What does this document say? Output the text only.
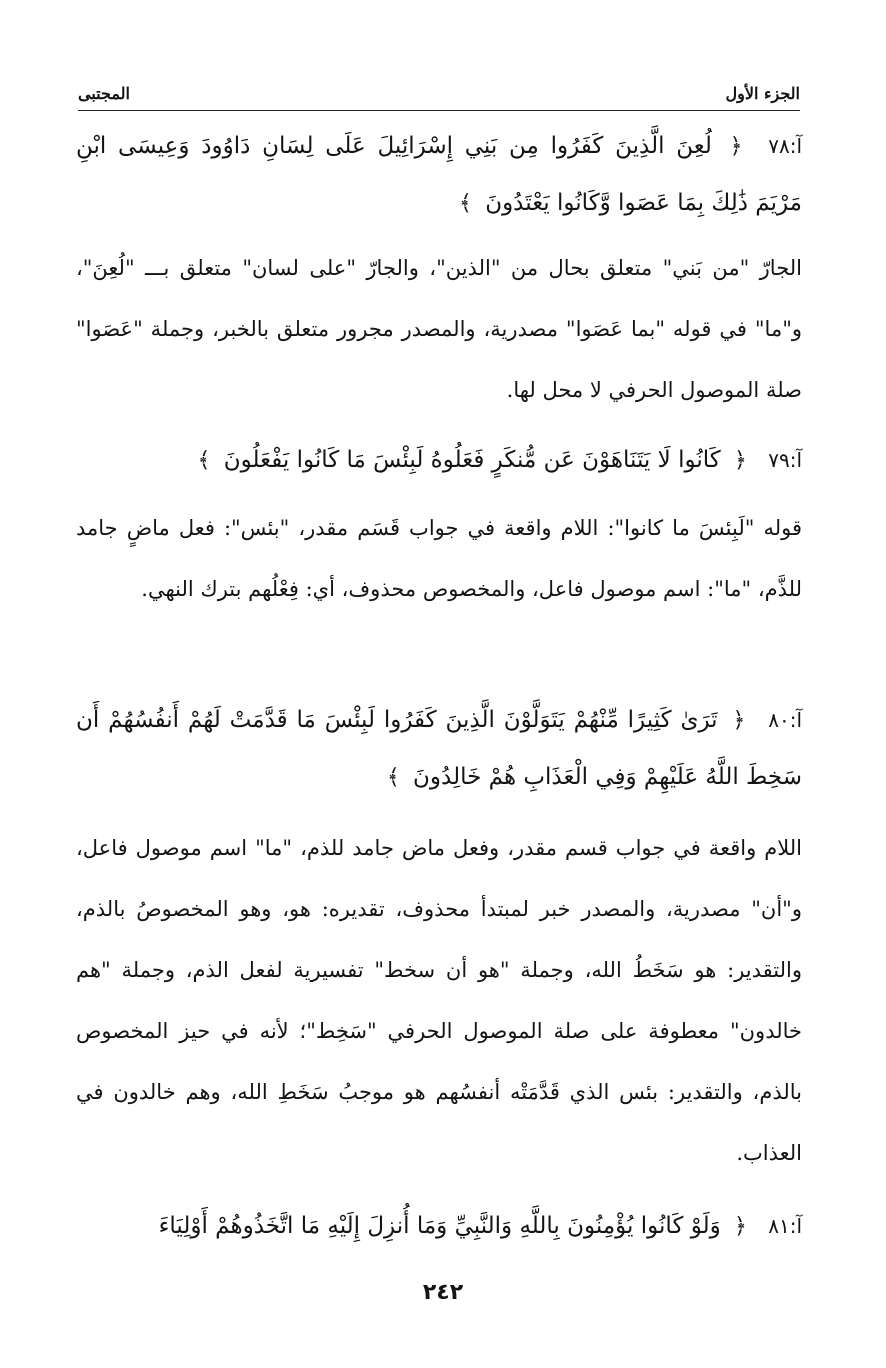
الجزء الأول
المجتبى

آ:٧٨ ﴿ لُعِنَ الَّذِينَ كَفَرُوا مِن بَنِي إِسْرَائِيلَ عَلَى لِسَانِ دَاوُودَ وَعِيسَى ابْنِ مَرْيَمَ ذَٰلِكَ بِمَا عَصَوا وَّكَانُوا يَعْتَدُونَ ﴾

الجارّ "من بَني" متعلق بحال من "الذين"، والجارّ "على لسان" متعلق بـــ "لُعِنَ"، و"ما" في قوله "بما عَصَوا" مصدرية، والمصدر مجرور متعلق بالخبر، وجملة "عَصَوا" صلة الموصول الحرفي لا محل لها.

آ:٧٩ ﴿ كَانُوا لَا يَتَنَاهَوْنَ عَن مُّنكَرٍ فَعَلُوهُ لَبِئْسَ مَا كَانُوا يَفْعَلُونَ ﴾

قوله "لَبِئسَ ما كانوا": اللام واقعة في جواب قَسَم مقدر، "بئس": فعل ماضٍ جامد للذَّم، "ما": اسم موصول فاعل، والمخصوص محذوف، أي: فِعْلُهم بترك النهي.

آ:٨٠ ﴿ تَرَىٰ كَثِيرًا مِّنْهُمْ يَتَوَلَّوْنَ الَّذِينَ كَفَرُوا لَبِئْسَ مَا قَدَّمَتْ لَهُمْ أَنفُسُهُمْ أَن سَخِطَ اللَّهُ عَلَيْهِمْ وَفِي الْعَذَابِ هُمْ خَالِدُونَ ﴾

اللام واقعة في جواب قسم مقدر، وفعل ماض جامد للذم، "ما" اسم موصول فاعل، و"أن" مصدرية، والمصدر خبر لمبتدأ محذوف، تقديره: هو، وهو المخصوصُ بالذم، والتقدير: هو سَخَطُ الله، وجملة "هو أن سخط" تفسيرية لفعل الذم، وجملة "هم خالدون" معطوفة على صلة الموصول الحرفي "سَخِط"؛ لأنه في حيز المخصوص بالذم، والتقدير: بئس الذي قَدَّمَتْه أنفسُهم هو موجبُ سَخَطِ الله، وهم خالدون في العذاب.

آ:٨١ ﴿ وَلَوْ كَانُوا يُؤْمِنُونَ بِاللَّهِ وَالنَّبِيِّ وَمَا أُنزِلَ إِلَيْهِ مَا اتَّخَذُوهُمْ أَوْلِيَاءَ

٢٤٢
